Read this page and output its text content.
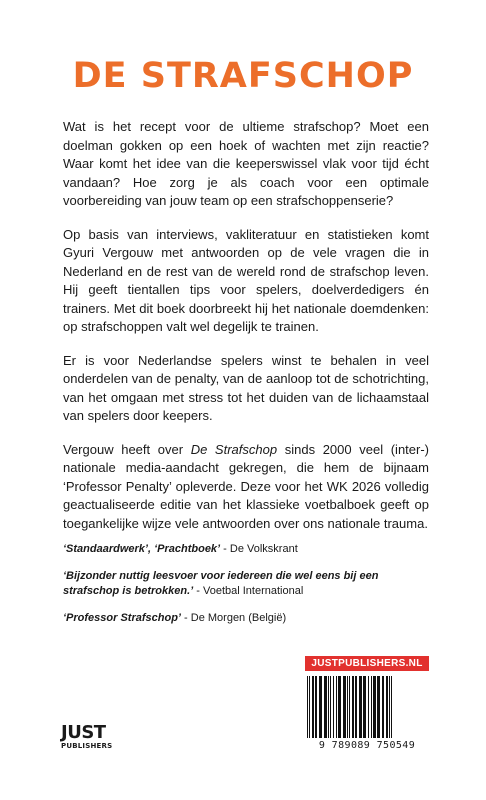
DE STRAFSCHOP

Wat is het recept voor de ultieme strafschop? Moet een doelman gokken op een hoek of wachten met zijn reactie? Waar komt het idee van die keeperswissel vlak voor tijd écht vandaan? Hoe zorg je als coach voor een optimale voorbereiding van jouw team op een strafschoppenserie?

Op basis van interviews, vakliteratuur en statistieken komt Gyuri Vergouw met antwoorden op de vele vragen die in Nederland en de rest van de wereld rond de strafschop leven. Hij geeft tientallen tips voor spelers, doelverdedigers én trainers. Met dit boek doorbreekt hij het nationale doemdenken: op strafschoppen valt wel degelijk te trainen.

Er is voor Nederlandse spelers winst te behalen in veel onderdelen van de penalty, van de aanloop tot de schotrichting, van het omgaan met stress tot het duiden van de lichaamstaal van spelers door keepers.

Vergouw heeft over De Strafschop sinds 2000 veel (inter-) nationale media-aandacht gekregen, die hem de bijnaam ‘Professor Penalty’ opleverde. Deze voor het WK 2026 volledig geactualiseerde editie van het klassieke voetbalboek geeft op toegankelijke wijze vele antwoorden over ons nationale trauma.

‘Standaardwerk’, ‘Prachtboek’ - De Volkskrant

‘Bijzonder nuttig leesvoer voor iedereen die wel eens bij een strafschop is betrokken.’ - Voetbal International

‘Professor Strafschop’ - De Morgen (België)

JUST
PUBLISHERS
JUSTPUBLISHERS.NL
9 789089 750549
